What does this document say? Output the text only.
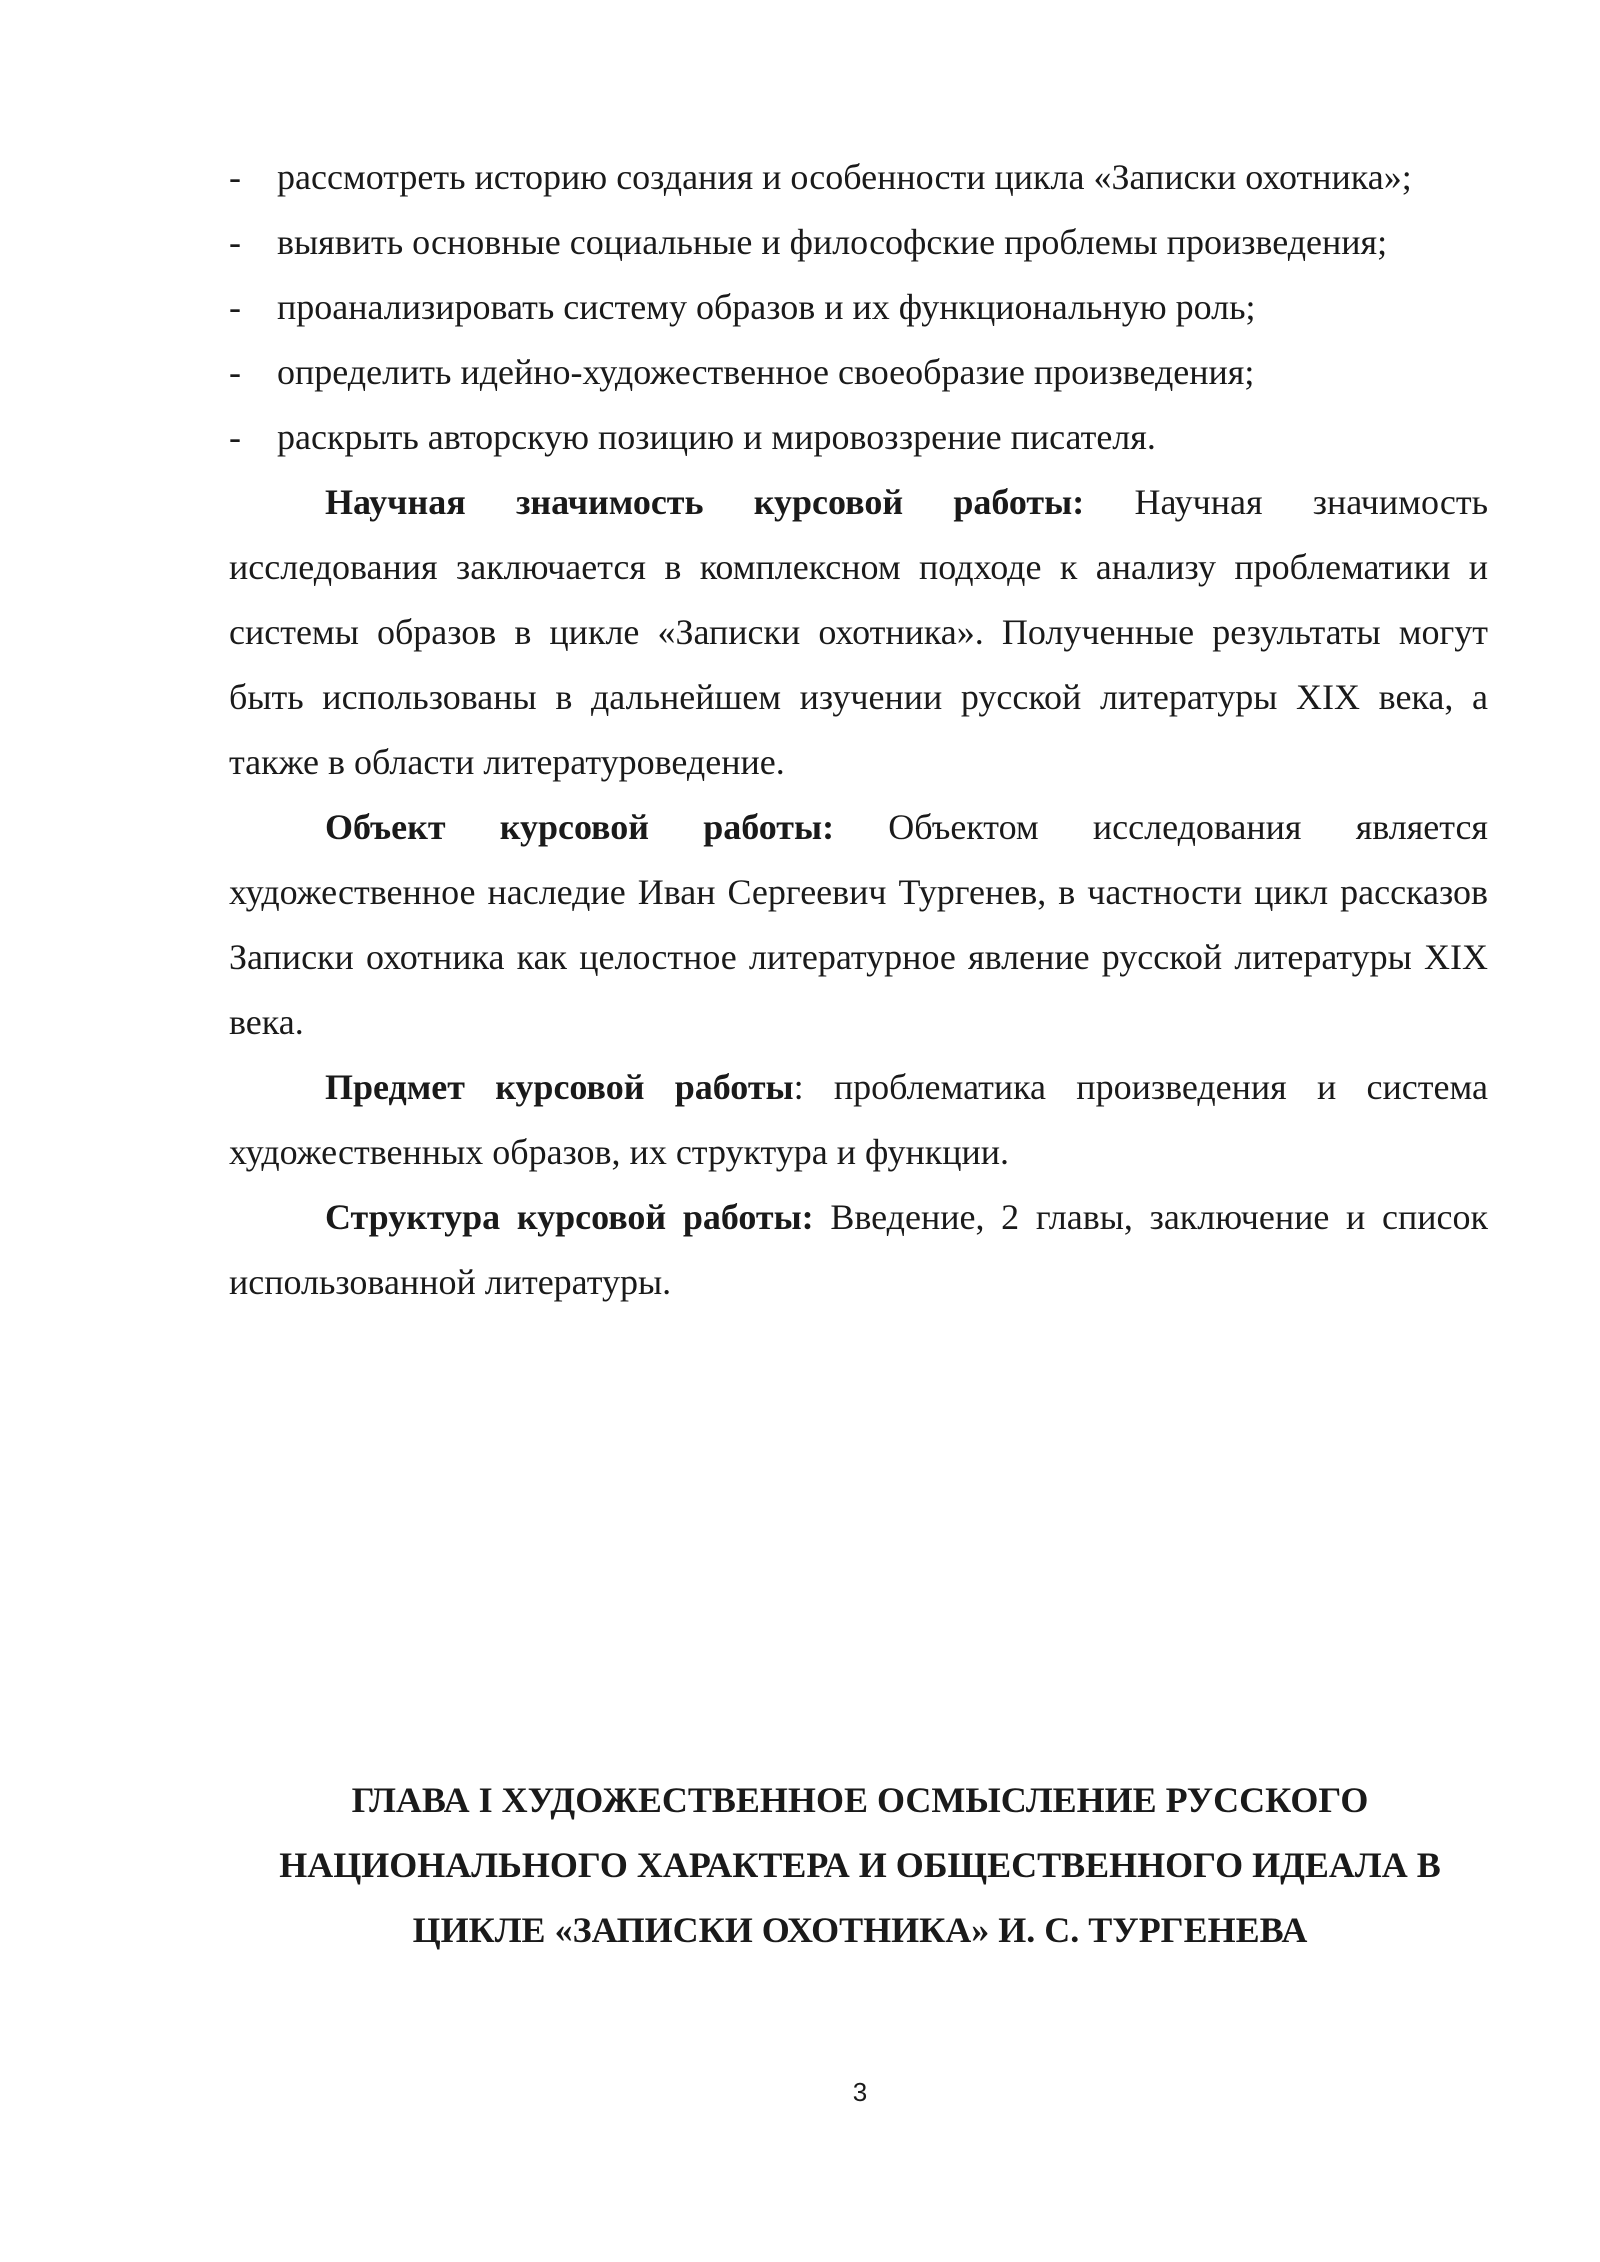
- рассмотреть историю создания и особенности цикла «Записки охотника»;
- выявить основные социальные и философские проблемы произведения;
- проанализировать систему образов и их функциональную роль;
- определить идейно-художественное своеобразие произведения;
- раскрыть авторскую позицию и мировоззрение писателя.

Научная значимость курсовой работы: Научная значимость исследования заключается в комплексном подходе к анализу проблематики и системы образов в цикле «Записки охотника». Полученные результаты могут быть использованы в дальнейшем изучении русской литературы XIX века, а также в области литературоведение.

Объект курсовой работы: Объектом исследования является художественное наследие Иван Сергеевич Тургенев, в частности цикл рассказов Записки охотника как целостное литературное явление русской литературы XIX века.

Предмет курсовой работы: проблематика произведения и система художественных образов, их структура и функции.

Структура курсовой работы: Введение, 2 главы, заключение и список использованной литературы.

ГЛАВА I ХУДОЖЕСТВЕННОЕ ОСМЫСЛЕНИЕ РУССКОГО
НАЦИОНАЛЬНОГО ХАРАКТЕРА И ОБЩЕСТВЕННОГО ИДЕАЛА В
ЦИКЛЕ «ЗАПИСКИ ОХОТНИКА» И. С. ТУРГЕНЕВА
3
